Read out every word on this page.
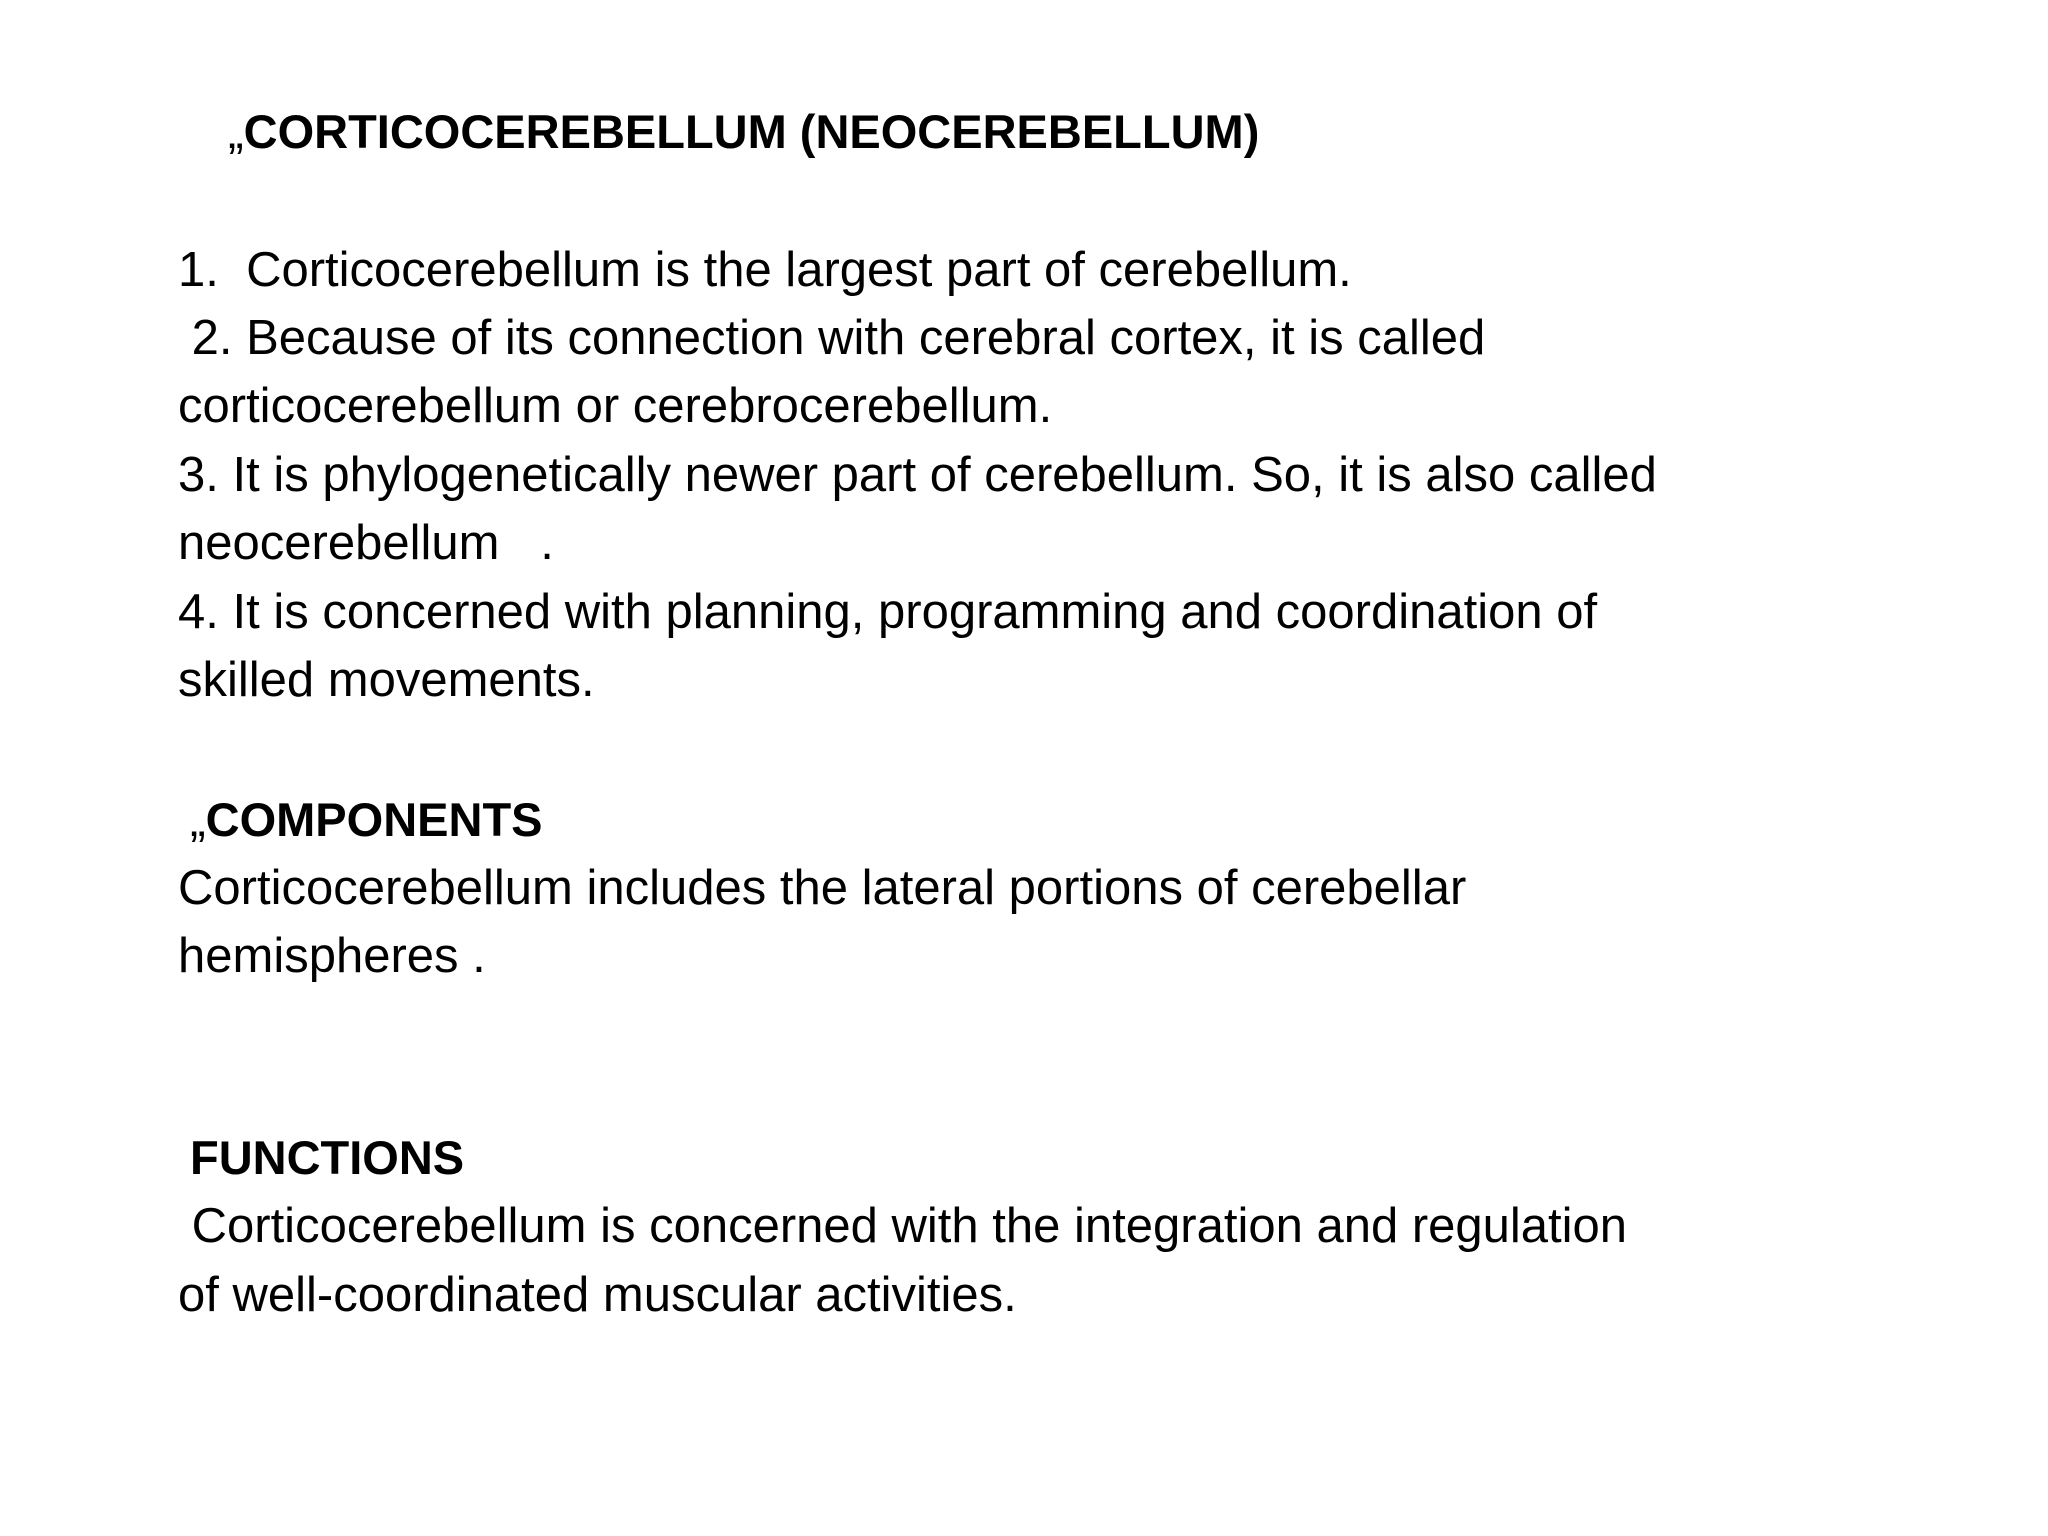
„CORTICOCEREBELLUM (NEOCEREBELLUM)
1.  Corticocerebellum is the largest part of cerebellum.
2. Because of its connection with cerebral cortex, it is called
corticocerebellum or cerebrocerebellum.
3. It is phylogenetically newer part of cerebellum. So, it is also called
neocerebellum   .
4. It is concerned with planning, programming and coordination of
skilled movements.
„COMPONENTS
Corticocerebellum includes the lateral portions of cerebellar
hemispheres .
FUNCTIONS
Corticocerebellum is concerned with the integration and regulation
of well-coordinated muscular activities.
